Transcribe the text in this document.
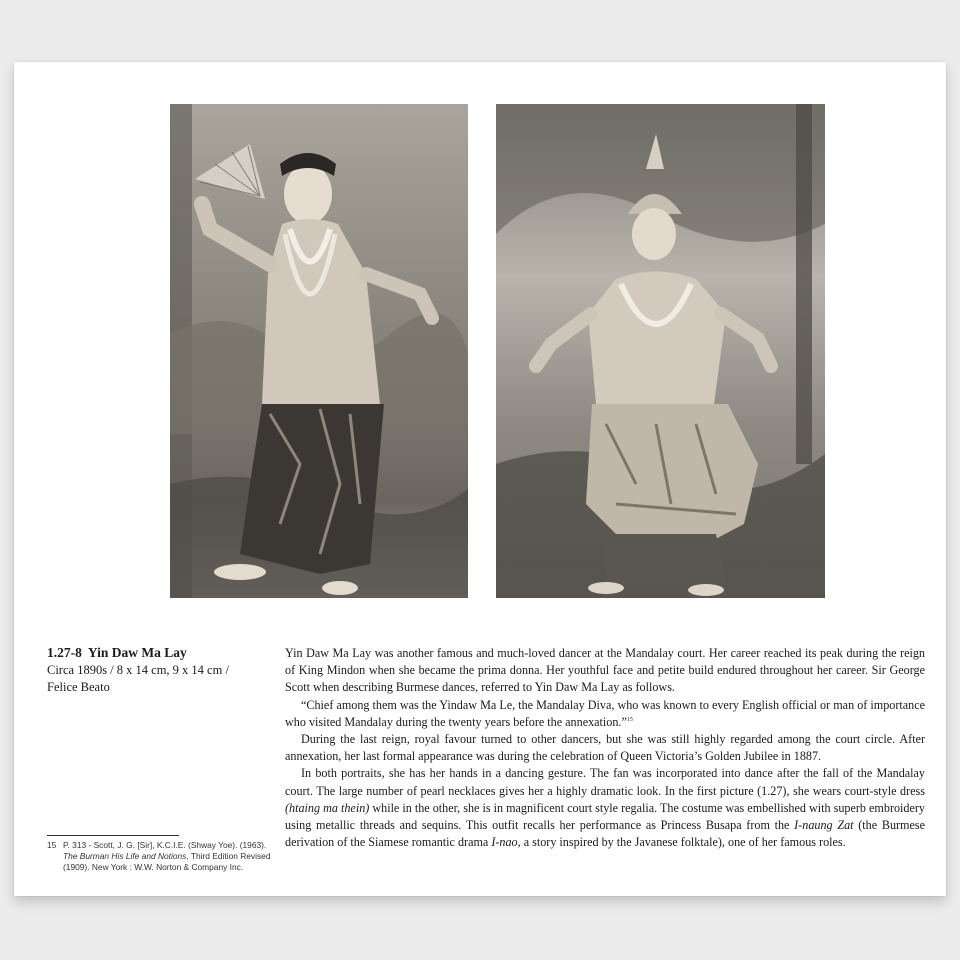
1.27-8 Yin Daw Ma Lay
Circa 1890s / 8 x 14 cm, 9 x 14 cm /
Felice Beato

Yin Daw Ma Lay was another famous and much-loved dancer at the Mandalay court. Her career reached its peak during the reign of King Mindon when she became the prima donna. Her youthful face and petite build endured throughout her career. Sir George Scott when describing Burmese dances, referred to Yin Daw Ma Lay as follows.

“Chief among them was the Yindaw Ma Le, the Mandalay Diva, who was known to every English official or man of importance who visited Mandalay during the twenty years before the annexation.”$^{15}$

During the last reign, royal favour turned to other dancers, but she was still highly regarded among the court circle. After annexation, her last formal appearance was during the celebration of Queen Victoria’s Golden Jubilee in 1887.

In both portraits, she has her hands in a dancing gesture. The fan was incorporated into dance after the fall of the Mandalay court. The large number of pearl necklaces gives her a highly dramatic look. In the first picture (1.27), she wears court-style dress (htaing ma thein) while in the other, she is in magnificent court style regalia. The costume was embellished with superb embroidery using metallic threads and sequins. This outfit recalls her performance as Princess Busapa from the I-naung Zat (the Burmese derivation of the Siamese romantic drama I-nao, a story inspired by the Javanese folktale), one of her famous roles.

15 P. 313 - Scott, J. G. [Sir], K.C.I.E. (Shway Yoe). (1963). The Burman His Life and Notions, Third Edition Revised (1909). New York : W.W. Norton & Company Inc.
